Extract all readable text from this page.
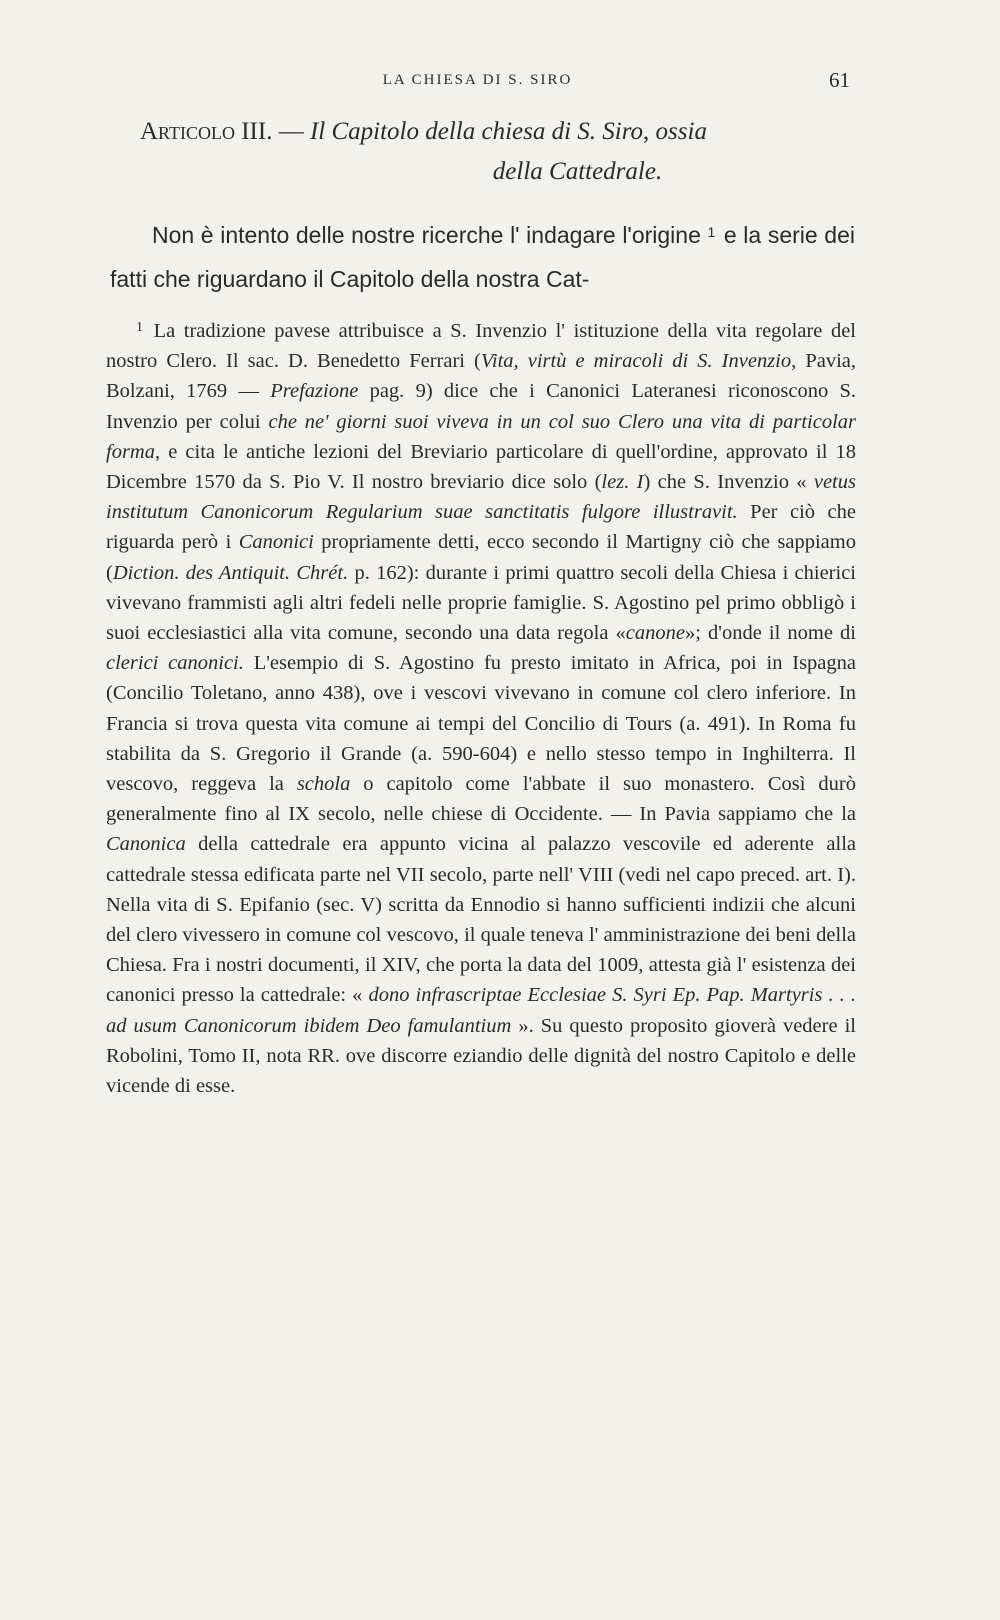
LA CHIESA DI S. SIRO	61
Articolo III. — Il Capitolo della chiesa di S. Siro, ossia
della Cattedrale.

Non è intento delle nostre ricerche l' indagare l'origine $^1$ e la serie dei fatti che riguardano il Capitolo della nostra Cat-

$^1$ La tradizione pavese attribuisce a S. Invenzio l' istituzione della vita regolare del nostro Clero. Il sac. D. Benedetto Ferrari (Vita, virtù e miracoli di S. Invenzio, Pavia, Bolzani, 1769 — Prefazione pag. 9) dice che i Canonici Lateranesi riconoscono S. Invenzio per colui che ne' giorni suoi viveva in un col suo Clero una vita di particolar forma, e cita le antiche lezioni del Breviario particolare di quell'ordine, approvato il 18 Dicembre 1570 da S. Pio V. Il nostro breviario dice solo (lez. I) che S. Invenzio « vetus institutum Canonicorum Regularium suae sanctitatis fulgore illustravit. Per ciò che riguarda però i Canonici propriamente detti, ecco secondo il Martigny ciò che sappiamo (Diction. des Antiquit. Chrét. p. 162): durante i primi quattro secoli della Chiesa i chierici vivevano frammisti agli altri fedeli nelle proprie famiglie. S. Agostino pel primo obbligò i suoi ecclesiastici alla vita comune, secondo una data regola «canone»; d'onde il nome di clerici canonici. L'esempio di S. Agostino fu presto imitato in Africa, poi in Ispagna (Concilio Toletano, anno 438), ove i vescovi vivevano in comune col clero inferiore. In Francia si trova questa vita comune ai tempi del Concilio di Tours (a. 491). In Roma fu stabilita da S. Gregorio il Grande (a. 590-604) e nello stesso tempo in Inghilterra. Il vescovo, reggeva la schola o capitolo come l'abbate il suo monastero. Così durò generalmente fino al IX secolo, nelle chiese di Occidente. — In Pavia sappiamo che la Canonica della cattedrale era appunto vicina al palazzo vescovile ed aderente alla cattedrale stessa edificata parte nel VII secolo, parte nell' VIII (vedi nel capo preced. art. I). Nella vita di S. Epifanio (sec. V) scritta da Ennodio si hanno sufficienti indizii che alcuni del clero vivessero in comune col vescovo, il quale teneva l' amministrazione dei beni della Chiesa. Fra i nostri documenti, il XIV, che porta la data del 1009, attesta già l' esistenza dei canonici presso la cattedrale: « dono infrascriptae Ecclesiae S. Syri Ep. Pap. Martyris . . . ad usum Canonicorum ibidem Deo famulantium ». Su questo proposito gioverà vedere il Robolini, Tomo II, nota RR. ove discorre eziandio delle dignità del nostro Capitolo e delle vicende di esse.
